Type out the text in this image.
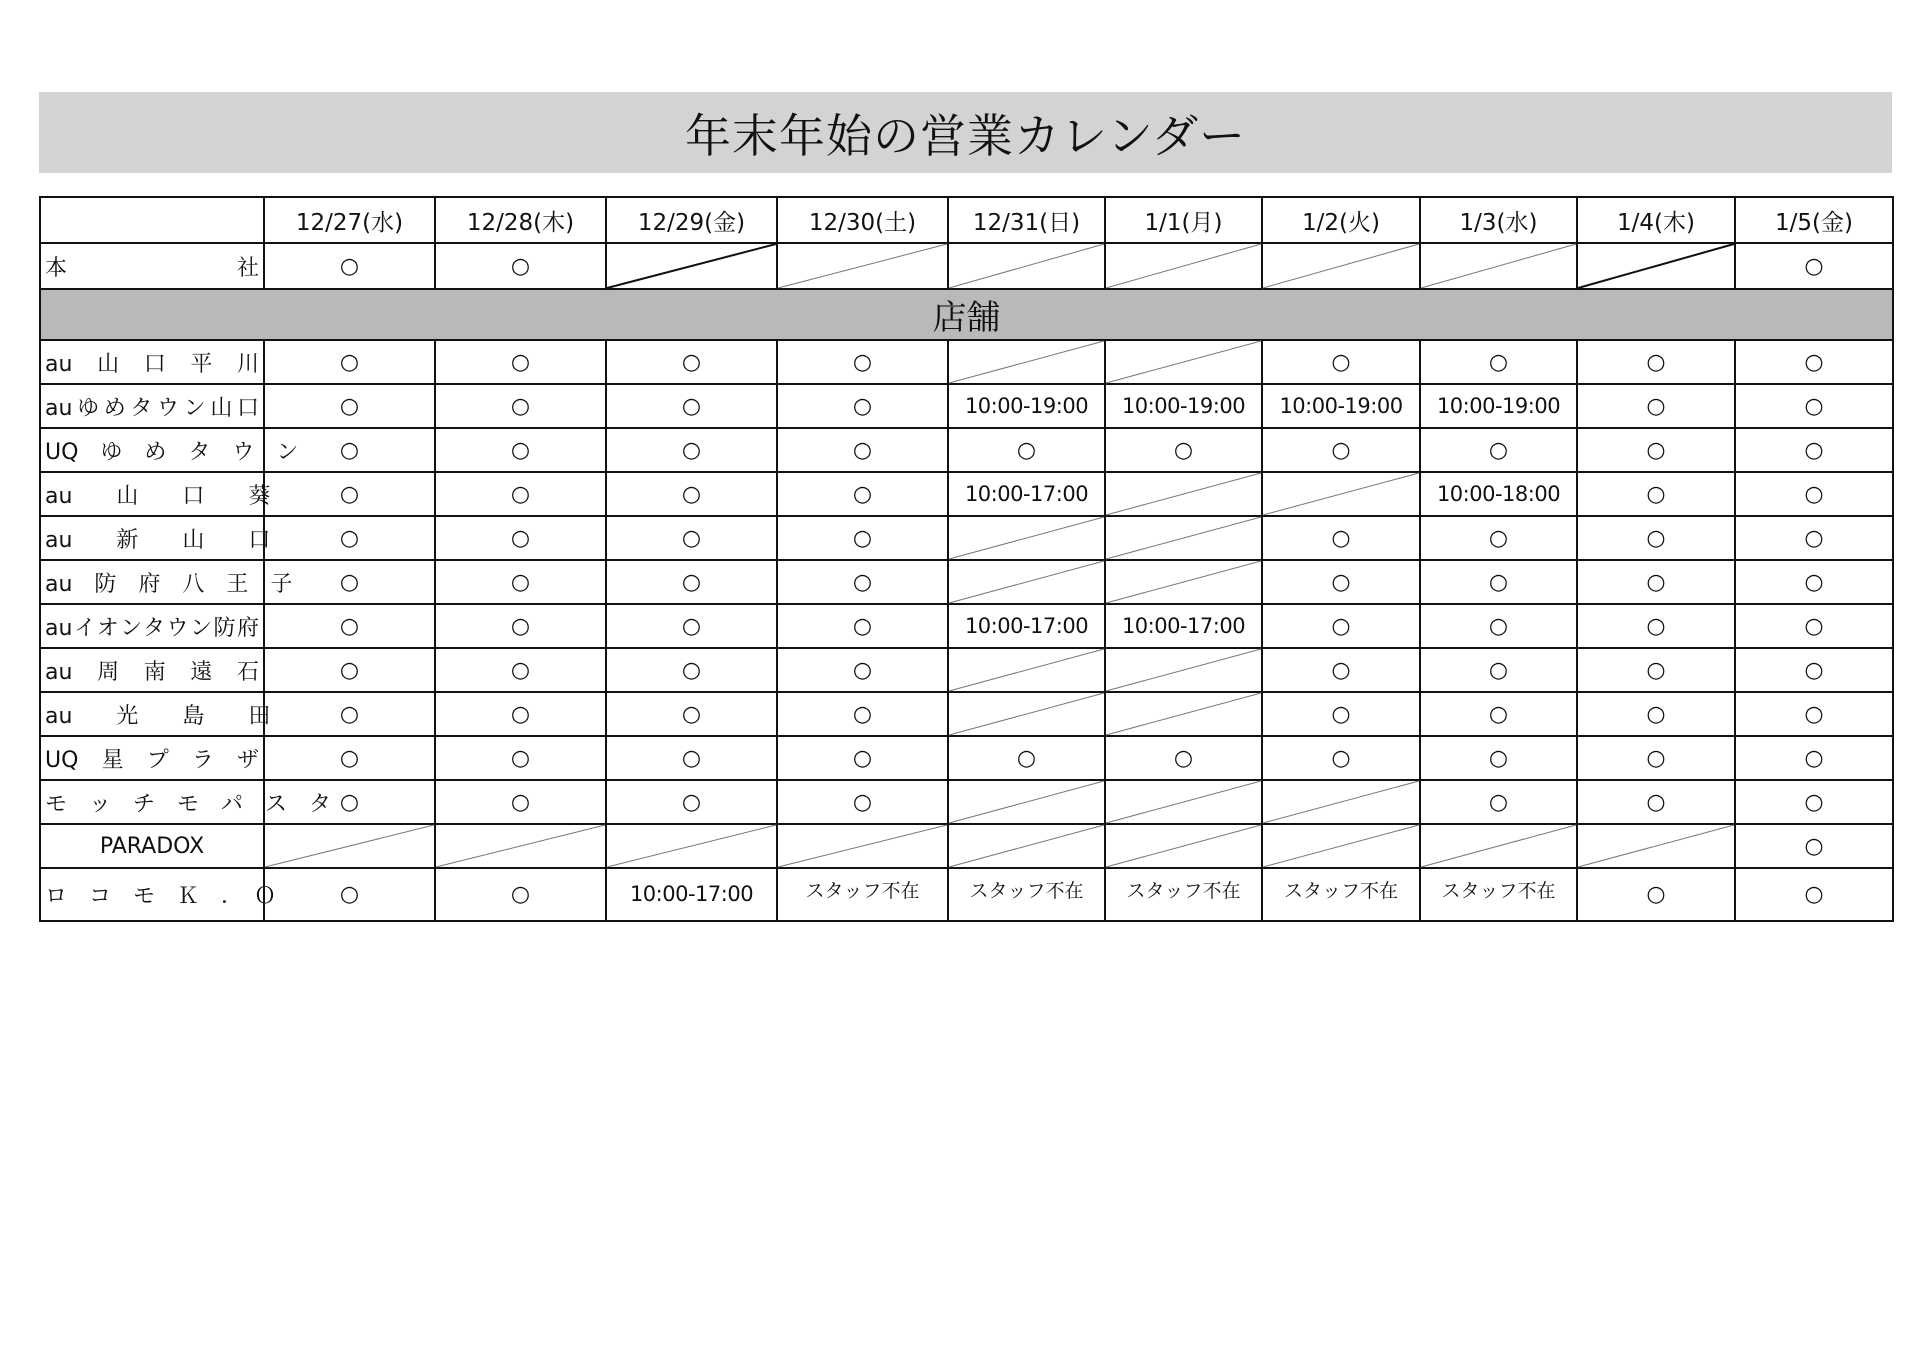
年末年始の営業カレンダー
	12/27(水)	12/28(木)	12/29(金)	12/30(土)	12/31(日)	1/1(月)	1/2(火)	1/3(水)	1/4(木)	1/5(金)
本　　　　　　社	○	○								○
店舗										
au　山　口　平　川	○	○	○	○			○	○	○	○
auゆめタウン山口	○	○	○	○	10:00-19:00	10:00-19:00	10:00-19:00	10:00-19:00	○	○
UQ　ゆ　め　タ　ウ　ン	○	○	○	○	○	○	○	○	○	○
au　　山　　口　　葵	○	○	○	○	10:00-17:00			10:00-18:00	○	○
au　　新　　山　　口	○	○	○	○			○	○	○	○
au　防　府　八　王　子	○	○	○	○			○	○	○	○
auイオンタウン防府	○	○	○	○	10:00-17:00	10:00-17:00	○	○	○	○
au　周　南　遠　石	○	○	○	○			○	○	○	○
au　　光　　島　　田	○	○	○	○			○	○	○	○
UQ　星　プ　ラ　ザ	○	○	○	○	○	○	○	○	○	○
モ　ッ　チ　モ　パ　ス　タ	○	○	○	○				○	○	○
PARADOX										○
ロ　コ　モ　Ｋ　．　Ｏ	○	○	10:00-17:00	スタッフ不在	スタッフ不在	スタッフ不在	スタッフ不在	スタッフ不在	○	○
